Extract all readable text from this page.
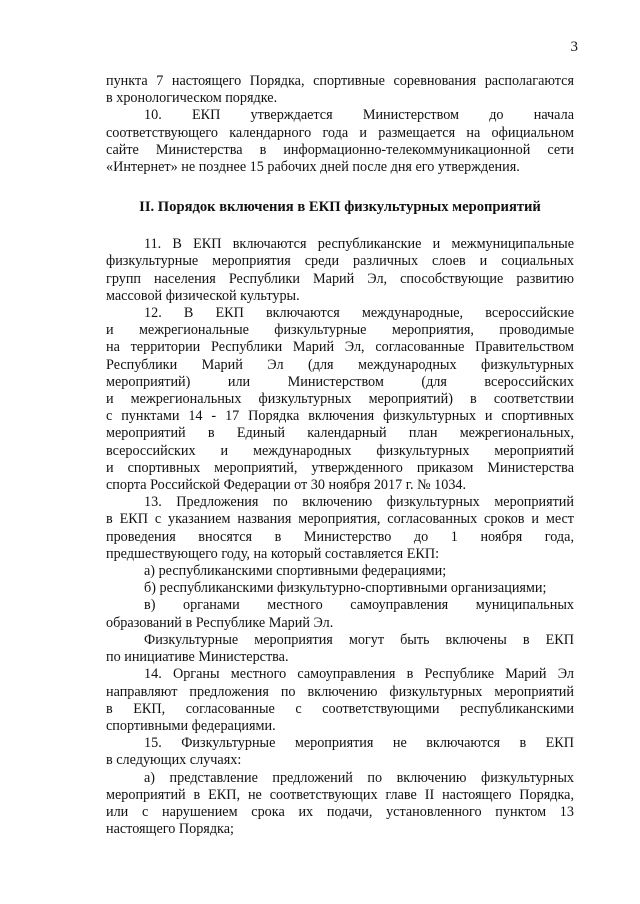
3
пункта 7 настоящего Порядка, спортивные соревнования располагаются
в хронологическом порядке.
10. ЕКП утверждается Министерством до начала
соответствующего календарного года и размещается на официальном
сайте Министерства в информационно-телекоммуникационной сети
«Интернет» не позднее 15 рабочих дней после дня его утверждения.
II. Порядок включения в ЕКП физкультурных мероприятий
11. В ЕКП включаются республиканские и межмуниципальные
физкультурные мероприятия среди различных слоев и социальных
групп населения Республики Марий Эл, способствующие развитию
массовой физической культуры.
12. В ЕКП включаются международные, всероссийские
и межрегиональные физкультурные мероприятия, проводимые
на территории Республики Марий Эл, согласованные Правительством
Республики Марий Эл (для международных физкультурных
мероприятий) или Министерством (для всероссийских
и межрегиональных физкультурных мероприятий) в соответствии
с пунктами 14 - 17 Порядка включения физкультурных и спортивных
мероприятий в Единый календарный план межрегиональных,
всероссийских и международных физкультурных мероприятий
и спортивных мероприятий, утвержденного приказом Министерства
спорта Российской Федерации от 30 ноября 2017 г. № 1034.
13. Предложения по включению физкультурных мероприятий
в ЕКП с указанием названия мероприятия, согласованных сроков и мест
проведения вносятся в Министерство до 1 ноября года,
предшествующего году, на который составляется ЕКП:
а) республиканскими спортивными федерациями;
б) республиканскими физкультурно-спортивными организациями;
в) органами местного самоуправления муниципальных
образований в Республике Марий Эл.
Физкультурные мероприятия могут быть включены в ЕКП
по инициативе Министерства.
14. Органы местного самоуправления в Республике Марий Эл
направляют предложения по включению физкультурных мероприятий
в ЕКП, согласованные с соответствующими республиканскими
спортивными федерациями.
15. Физкультурные мероприятия не включаются в ЕКП
в следующих случаях:
а) представление предложений по включению физкультурных
мероприятий в ЕКП, не соответствующих главе II настоящего Порядка,
или с нарушением срока их подачи, установленного пунктом 13
настоящего Порядка;
